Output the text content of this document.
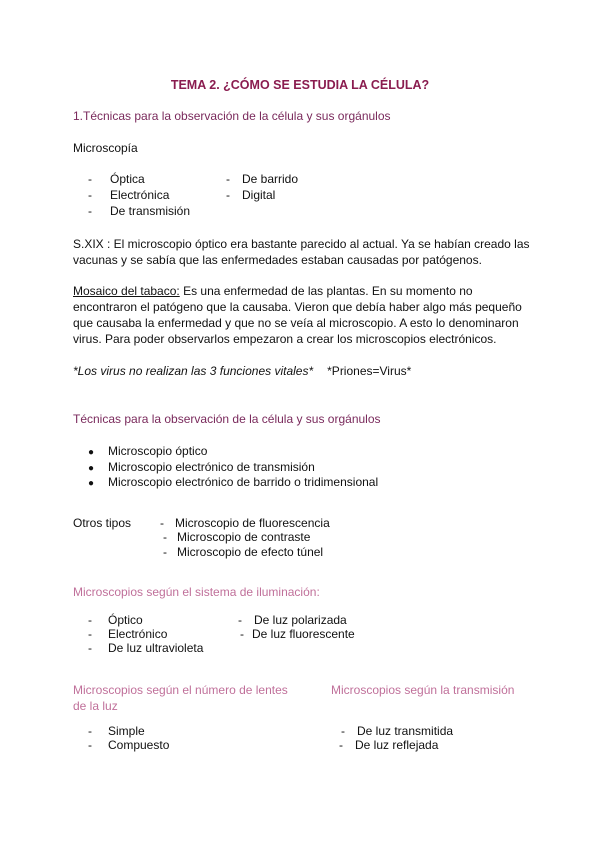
TEMA 2. ¿CÓMO SE ESTUDIA LA CÉLULA?
1.Técnicas para la observación de la célula y sus orgánulos
Microscopía
- Óptica
- Electrónica
- De transmisión
- De barrido
- Digital
S.XIX : El microscopio óptico era bastante parecido al actual. Ya se habían creado las vacunas y se sabía que las enfermedades estaban causadas por patógenos.
Mosaico del tabaco: Es una enfermedad de las plantas. En su momento no encontraron el patógeno que la causaba. Vieron que debía haber algo más pequeño que causaba la enfermedad y que no se veía al microscopio. A esto lo denominaron virus. Para poder observarlos empezaron a crear los microscopios electrónicos.
*Los virus no realizan las 3 funciones vitales* *Priones=Virus*
Técnicas para la observación de la célula y sus orgánulos
● Microscopio óptico
● Microscopio electrónico de transmisión
● Microscopio electrónico de barrido o tridimensional
Otros tipos - Microscopio de fluorescencia
- Microscopio de contraste
- Microscopio de efecto túnel
Microscopios según el sistema de iluminación:
- Óptico
- Electrónico
- De luz ultravioleta
- De luz polarizada
- De luz fluorescente
Microscopios según el número de lentes
de la luz
Microscopios según la transmisión
- Simple
- Compuesto
- De luz transmitida
- De luz reflejada
